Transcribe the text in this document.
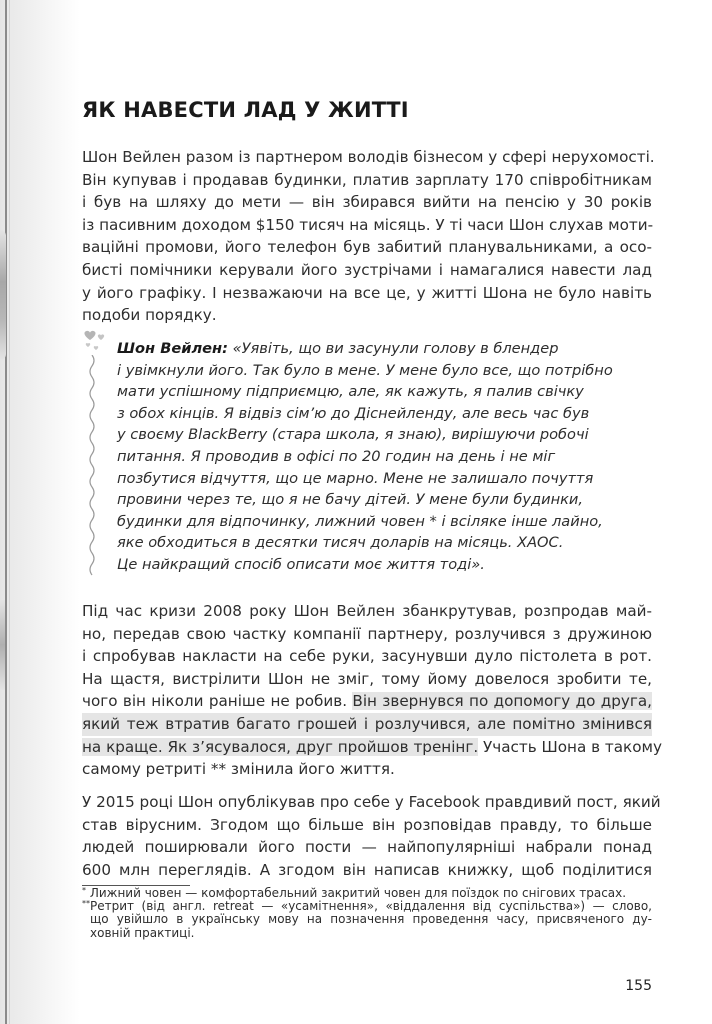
ЯК НАВЕСТИ ЛАД У ЖИТТІ
Шон Вейлен разом із партнером володів бізнесом у сфері нерухомості.
Він купував і продавав будинки, платив зарплату 170 співробітникам
і був на шляху до мети — він збирався вийти на пенсію у 30 років
із пасивним доходом $150 тисяч на місяць. У ті часи Шон слухав моти-
ваційні промови, його телефон був забитий планувальниками, а осо-
бисті помічники керували його зустрічами і намагалися навести лад
у його графіку. І незважаючи на все це, у житті Шона не було навіть
подоби порядку.
Шон Вейлен: «Уявіть, що ви засунули голову в блендер
і увімкнули його. Так було в мене. У мене було все, що потрібно
мати успішному підприємцю, але, як кажуть, я палив свічку
з обох кінців. Я відвіз сім’ю до Діснейленду, але весь час був
у своєму BlackBerry (стара школа, я знаю), вирішуючи робочі
питання. Я проводив в офісі по 20 годин на день і не міг
позбутися відчуття, що це марно. Мене не залишало почуття
провини через те, що я не бачу дітей. У мене були будинки,
будинки для відпочинку, лижний човен * і всіляке інше лайно,
яке обходиться в десятки тисяч доларів на місяць. ХАОС.
Це найкращий спосіб описати моє життя тоді».
Під час кризи 2008 року Шон Вейлен збанкрутував, розпродав май-
но, передав свою частку компанії партнеру, розлучився з дружиною
і спробував накласти на себе руки, засунувши дуло пістолета в рот.
На щастя, вистрілити Шон не зміг, тому йому довелося зробити те,
чого він ніколи раніше не робив. Він звернувся по допомогу до друга,
який теж втратив багато грошей і розлучився, але помітно змінився
на краще. Як з’ясувалося, друг пройшов тренінг. Участь Шона в такому
самому ретриті ** змінила його життя.
У 2015 році Шон опублікував про себе у Facebook правдивий пост, який
став вірусним. Згодом що більше він розповідав правду, то більше
людей поширювали його пости — найпопулярніші набрали понад
600 млн переглядів. А згодом він написав книжку, щоб поділитися
* Лижний човен — комфортабельний закритий човен для поїздок по снігових трасах.
**Ретрит (від англ. retreat — «усамітнення», «віддалення від суспільства») — слово,
що увійшло в українську мову на позначення проведення часу, присвяченого ду-
ховній практиці.
155
